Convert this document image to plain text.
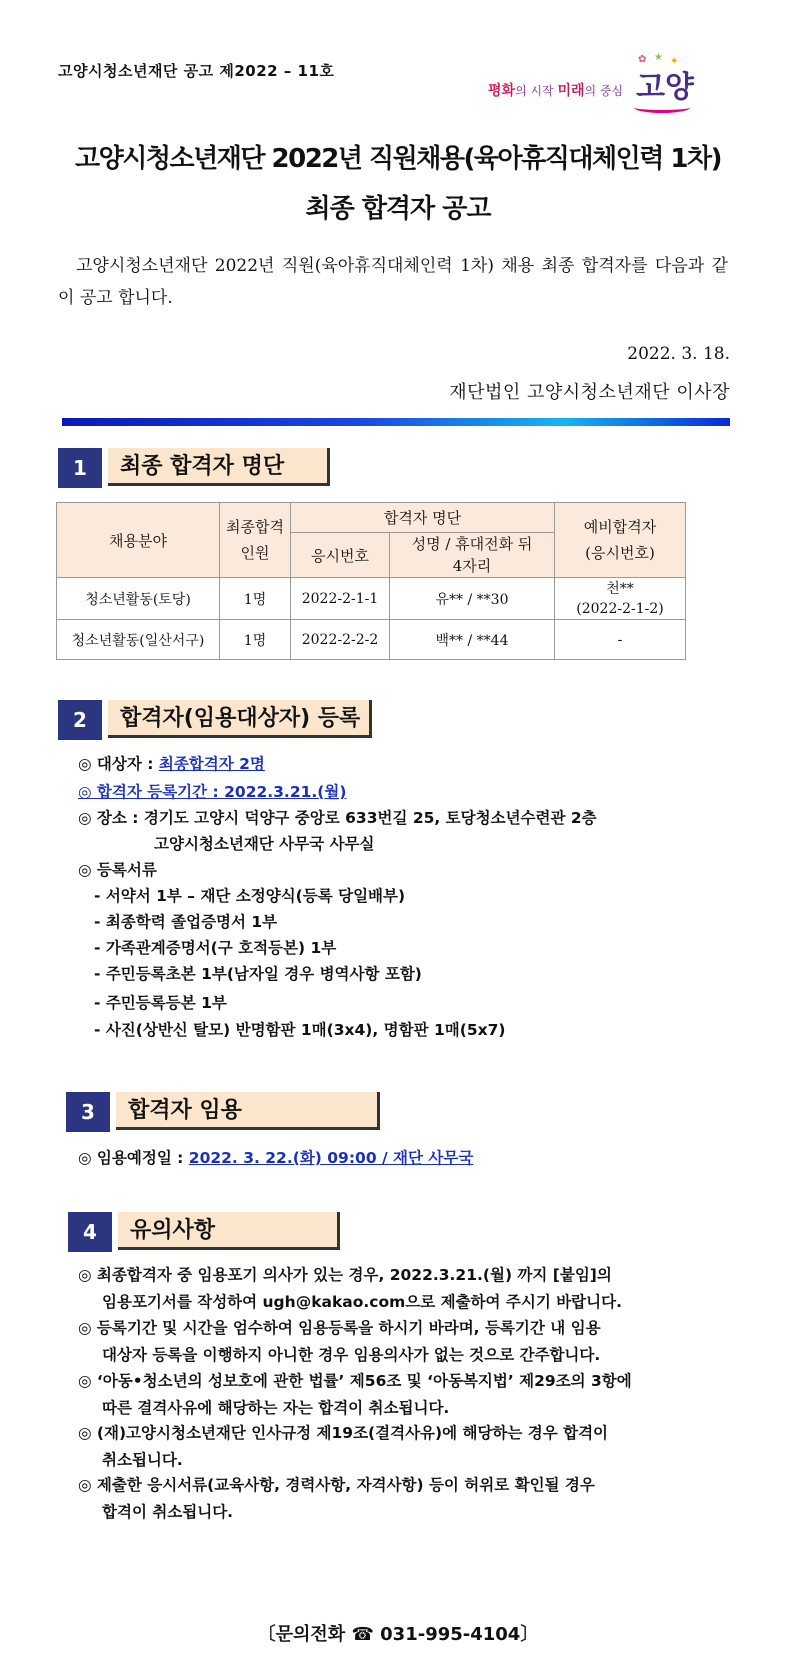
고양시청소년재단 공고 제2022 – 11호
평화의 시작 미래의 중심 고양
✿ ★ ✦
고양시청소년재단 2022년 직원채용(육아휴직대체인력 1차)
최종 합격자 공고
고양시청소년재단 2022년 직원(육아휴직대체인력 1차) 채용 최종 합격자를 다음과 같이 공고 합니다.
2022. 3. 18.
재단법인 고양시청소년재단 이사장
1	최종 합격자 명단
채용분야	최종합격
인원	합격자 명단		예비합격자
(응시번호)
		응시번호	성명 / 휴대전화 뒤
4자리	
청소년활동(토당)	1명	2022-2-1-1	유** / **30	천**
(2022-2-1-2)
청소년활동(일산서구)	1명	2022-2-2-2	백** / **44	-
2	합격자(임용대상자) 등록
◎ 대상자 : 최종합격자 2명
◎ 합격자 등록기간 : 2022.3.21.(월)
◎ 장소 : 경기도 고양시 덕양구 중앙로 633번길 25, 토당청소년수련관 2층
고양시청소년재단 사무국 사무실
◎ 등록서류
- 서약서 1부 – 재단 소정양식(등록 당일배부)
- 최종학력 졸업증명서 1부
- 가족관계증명서(구 호적등본) 1부
- 주민등록초본 1부(남자일 경우 병역사항 포함)
- 주민등록등본 1부
- 사진(상반신 탈모) 반명함판 1매(3x4), 명함판 1매(5x7)
3	합격자 임용
◎ 임용예정일 : 2022. 3. 22.(화) 09:00 / 재단 사무국
4	유의사항
◎ 최종합격자 중 임용포기 의사가 있는 경우, 2022.3.21.(월) 까지 [붙임]의
임용포기서를 작성하여 ugh@kakao.com으로 제출하여 주시기 바랍니다.
◎ 등록기간 및 시간을 엄수하여 임용등록을 하시기 바라며, 등록기간 내 임용
대상자 등록을 이행하지 아니한 경우 임용의사가 없는 것으로 간주합니다.
◎ ‘아동•청소년의 성보호에 관한 법률’ 제56조 및 ‘아동복지법’ 제29조의 3항에
따른 결격사유에 해당하는 자는 합격이 취소됩니다.
◎ (재)고양시청소년재단 인사규정 제19조(결격사유)에 해당하는 경우 합격이
취소됩니다.
◎ 제출한 응시서류(교육사항, 경력사항, 자격사항) 등이 허위로 확인될 경우
합격이 취소됩니다.
〔문의전화 ☎ 031-995-4104〕
